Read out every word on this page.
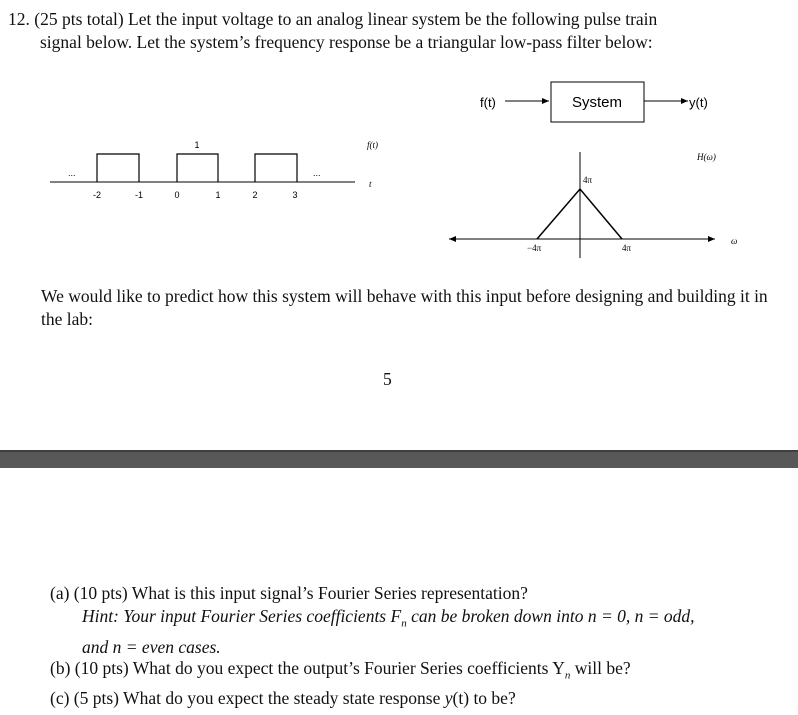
12. (25 pts total) Let the input voltage to an analog linear system be the following pulse train
signal below. Let the system’s frequency response be a triangular low-pass filter below:
f(t)	System	y(t)
...	...
1
-2	-1	0	1	2	3
f(t)
t
H(ω)
4π
−4π	4π
ω
We would like to predict how this system will behave with this input before designing and building it in the lab:
5
(a) (10 pts) What is this input signal’s Fourier Series representation?
Hint: Your input Fourier Series coefficients $F_n$ can be broken down into n = 0, n = odd,
and n = even cases.
(b) (10 pts) What do you expect the output’s Fourier Series coefficients $Y_n$ will be?
(c) (5 pts) What do you expect the steady state response y(t) to be?
